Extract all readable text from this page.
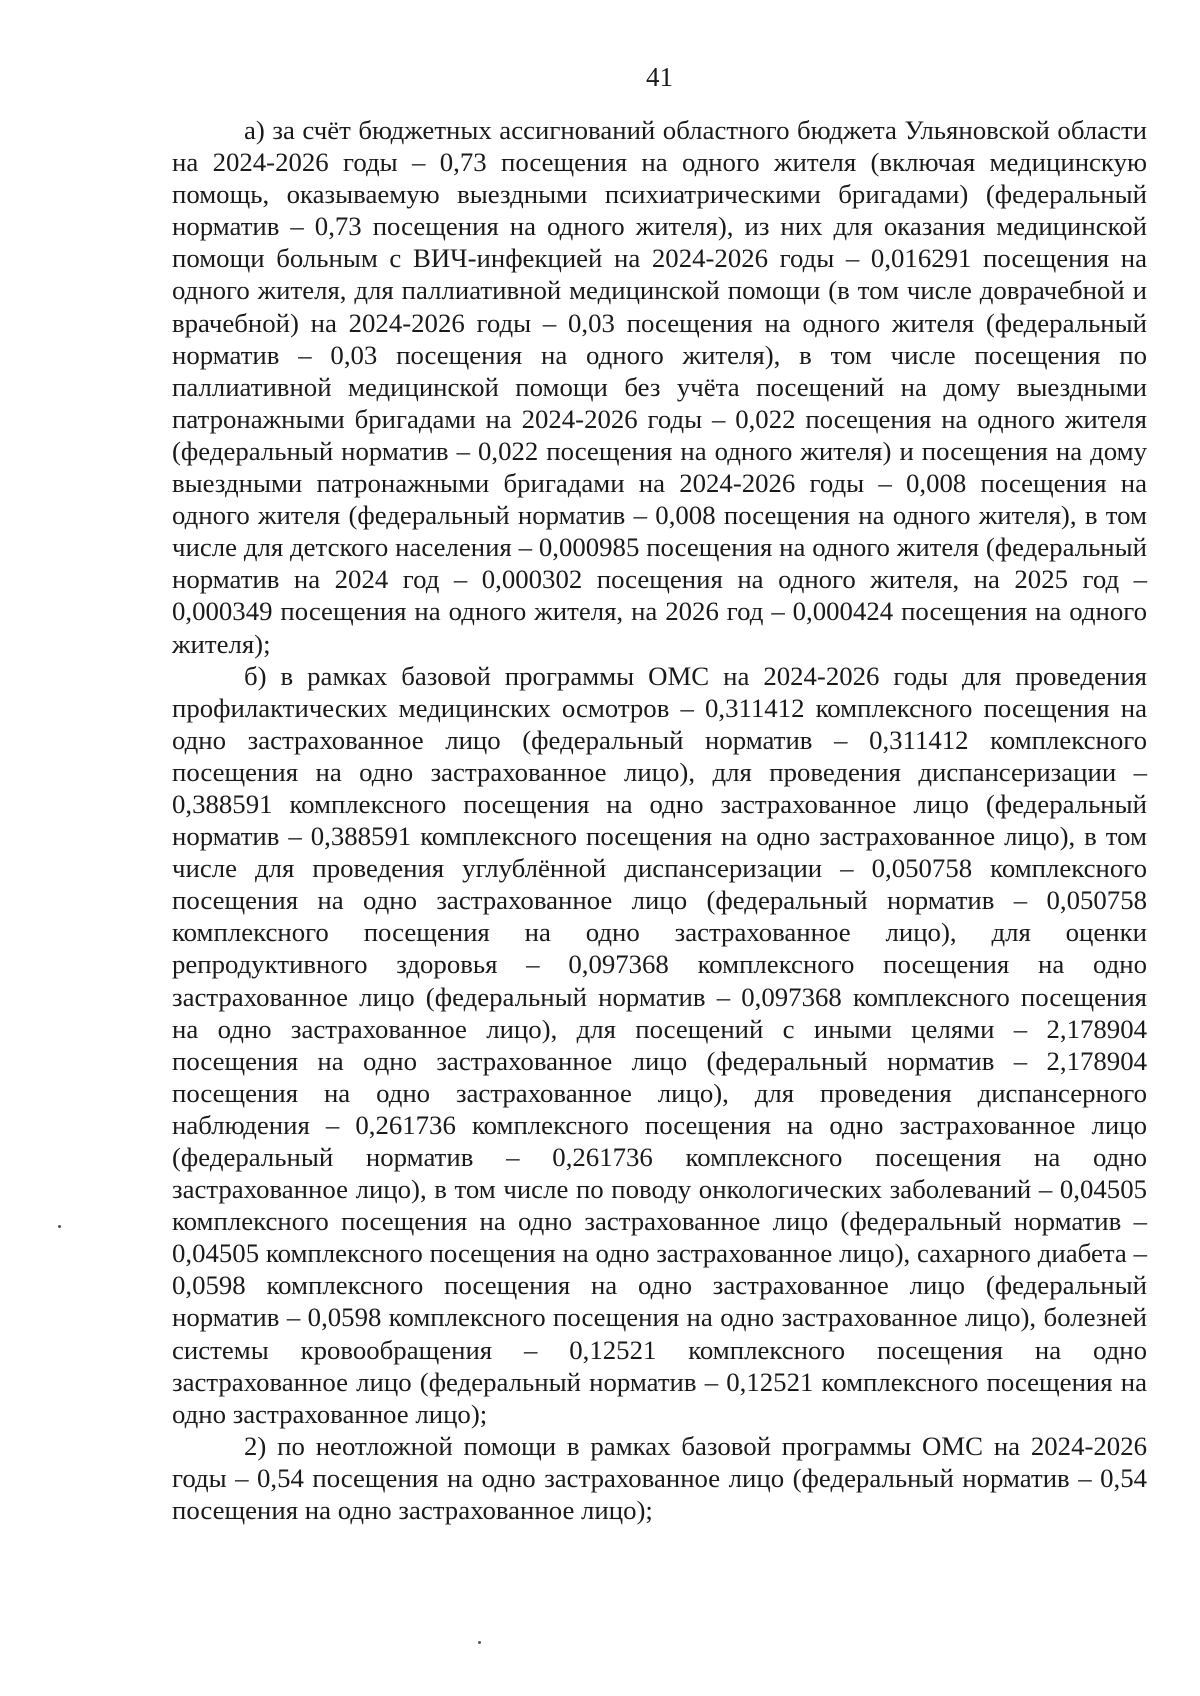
41

а) за счёт бюджетных ассигнований областного бюджета Ульяновской области на 2024-2026 годы – 0,73 посещения на одного жителя (включая медицинскую помощь, оказываемую выездными психиатрическими бригадами) (федеральный норматив – 0,73 посещения на одного жителя), из них для оказания медицинской помощи больным с ВИЧ-инфекцией на 2024-2026 годы – 0,016291 посещения на одного жителя, для паллиативной медицинской помощи (в том числе доврачебной и врачебной) на 2024-2026 годы – 0,03 посещения на одного жителя (федеральный норматив – 0,03 посещения на одного жителя), в том числе посещения по паллиативной медицинской помощи без учёта посещений на дому выездными патронажными бригадами на 2024-2026 годы – 0,022 посещения на одного жителя (федеральный норматив – 0,022 посещения на одного жителя) и посещения на дому выездными патронажными бригадами на 2024-2026 годы – 0,008 посещения на одного жителя (федеральный норматив – 0,008 посещения на одного жителя), в том числе для детского населения – 0,000985 посещения на одного жителя (федеральный норматив на 2024 год – 0,000302 посещения на одного жителя, на 2025 год – 0,000349 посещения на одного жителя, на 2026 год – 0,000424 посещения на одного жителя);

б) в рамках базовой программы ОМС на 2024-2026 годы для проведения профилактических медицинских осмотров – 0,311412 комплексного посещения на одно застрахованное лицо (федеральный норматив – 0,311412 комплексного посещения на одно застрахованное лицо), для проведения диспансеризации – 0,388591 комплексного посещения на одно застрахованное лицо (федеральный норматив – 0,388591 комплексного посещения на одно застрахованное лицо), в том числе для проведения углублённой диспансеризации – 0,050758 комплексного посещения на одно застрахованное лицо (федеральный норматив – 0,050758 комплексного посещения на одно застрахованное лицо), для оценки репродуктивного здоровья – 0,097368 комплексного посещения на одно застрахованное лицо (федеральный норматив – 0,097368 комплексного посещения на одно застрахованное лицо), для посещений с иными целями – 2,178904 посещения на одно застрахованное лицо (федеральный норматив – 2,178904 посещения на одно застрахованное лицо), для проведения диспансерного наблюдения – 0,261736 комплексного посещения на одно застрахованное лицо (федеральный норматив – 0,261736 комплексного посещения на одно застрахованное лицо), в том числе по поводу онкологических заболеваний – 0,04505 комплексного посещения на одно застрахованное лицо (федеральный норматив – 0,04505 комплексного посещения на одно застрахованное лицо), сахарного диабета – 0,0598 комплексного посещения на одно застрахованное лицо (федеральный норматив – 0,0598 комплексного посещения на одно застрахованное лицо), болезней системы кровообращения – 0,12521 комплексного посещения на одно застрахованное лицо (федеральный норматив – 0,12521 комплексного посещения на одно застрахованное лицо);

2) по неотложной помощи в рамках базовой программы ОМС на 2024-2026 годы – 0,54 посещения на одно застрахованное лицо (федеральный норматив – 0,54 посещения на одно застрахованное лицо);
